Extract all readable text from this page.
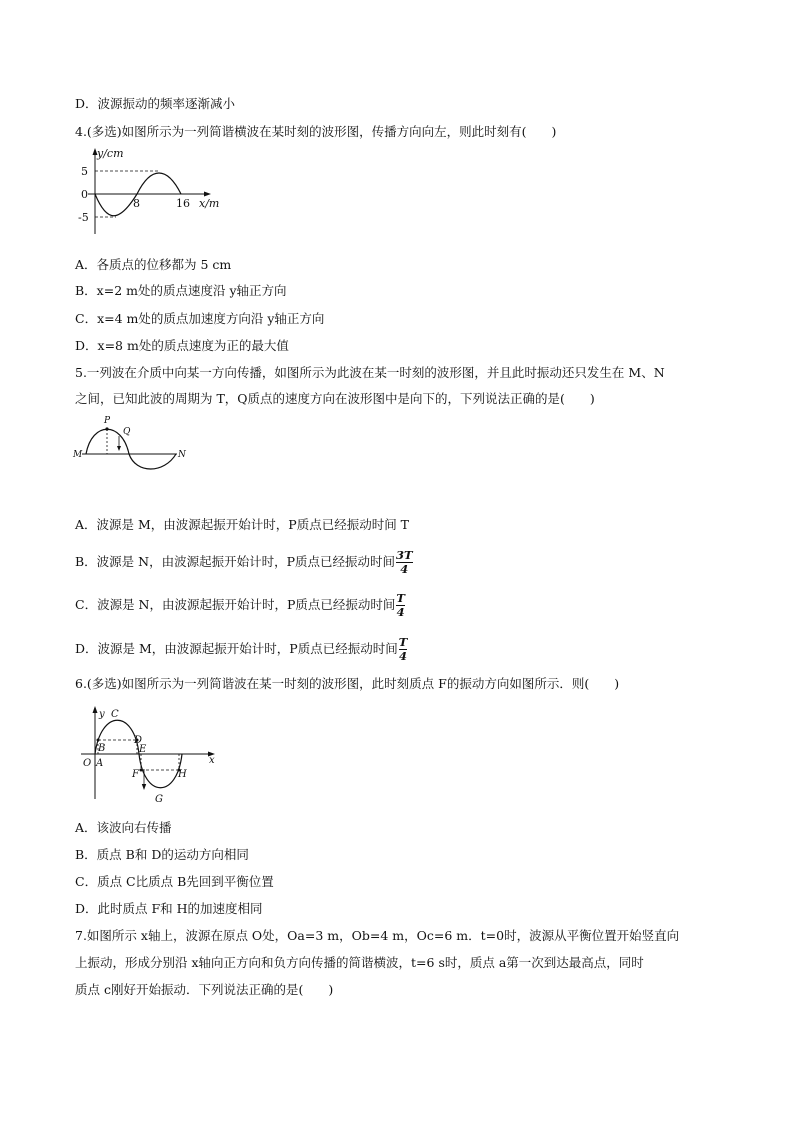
D．波源振动的频率逐渐减小
4.(多选)如图所示为一列简谐横波在某时刻的波形图，传播方向向左，则此时刻有(　　)
y/cm
5
0
-5
8	16 x/m
A．各质点的位移都为 5 cm
B．x=2 m处的质点速度沿 y轴正方向
C．x=4 m处的质点加速度方向沿 y轴正方向
D．x=8 m处的质点速度为正的最大值
5.一列波在介质中向某一方向传播，如图所示为此波在某一时刻的波形图，并且此时振动还只发生在 M、N
之间，已知此波的周期为 T，Q质点的速度方向在波形图中是向下的，下列说法正确的是(　　)
P
Q
M	N
A．波源是 M，由波源起振开始计时，P质点已经振动时间 T
B．波源是 N，由波源起振开始计时，P质点已经振动时间 $\frac{3T}{4}$
C．波源是 N，由波源起振开始计时，P质点已经振动时间 $\frac{T}{4}$
D．波源是 M，由波源起振开始计时，P质点已经振动时间 $\frac{T}{4}$
6.(多选)如图所示为一列简谐波在某一时刻的波形图，此时刻质点 F的振动方向如图所示．则(　　)
y C
D
B	E
O A	x
F	H
G
A．该波向右传播
B．质点 B和 D的运动方向相同
C．质点 C比质点 B先回到平衡位置
D．此时质点 F和 H的加速度相同
7.如图所示 x轴上，波源在原点 O处，Oa=3 m，Ob=4 m，Oc=6 m．t=0时，波源从平衡位置开始竖直向
上振动，形成分别沿 x轴向正方向和负方向传播的简谐横波，t=6 s时，质点 a第一次到达最高点，同时
质点 c刚好开始振动．下列说法正确的是(　　)
